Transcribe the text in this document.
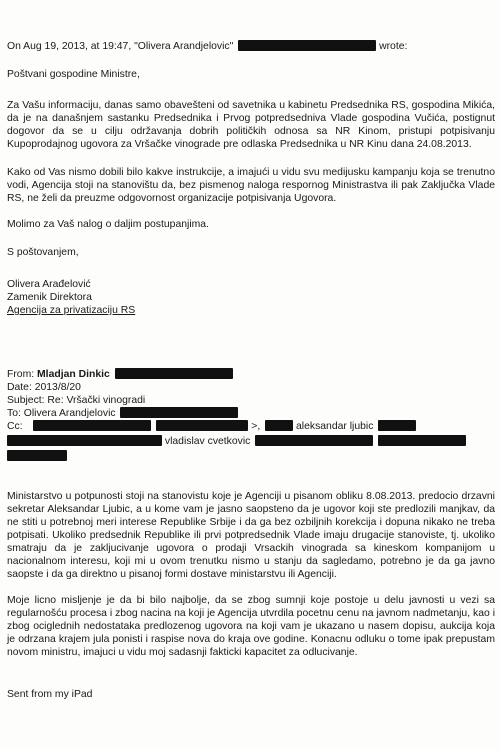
On Aug 19, 2013, at 19:47, "Olivera Arandjelovic"	wrote:

Poštvani gospodine Ministre,

Za Vašu informaciju, danas samo obavešteni od savetnika u kabinetu Predsednika RS, gospodina Mikića, da je na današnjem sastanku Predsednika i Prvog potpredsedniva Vlade gospodina Vučića, postignut dogovor da se u cilju održavanja dobrih političkih odnosa sa NR Kinom, pristupi potpisivanju Kupoprodajnog ugovora za Vršačke vinograde pre odlaska Predsednika u NR Kinu dana 24.08.2013.

Kako od Vas nismo dobili bilo kakve instrukcije, a imajući u vidu svu medijusku kampanju koja se trenutno vodi, Agencija stoji na stanovištu da, bez pismenog naloga respornog Ministrastva ili pak Zaključka Vlade RS, ne želi da preuzme odgovornost organizacije potpisivanja Ugovora.

Molimo za Vaš nalog o daljim postupanjima.

S poštovanjem,

Olivera Arađelović

Zamenik Direktora

Agencija za privatizaciju RS

From: Mladjan Dinkic
Date: 2013/8/20
Subject: Re: Vršački vinogradi
To: Olivera Arandjelovic
Cc:	>,	aleksandar ljubic
vladislav cvetkovic

Ministarstvo u potpunosti stoji na stanovistu koje je Agenciji u pisanom obliku 8.08.2013. predocio drzavni sekretar Aleksandar Ljubic, a u kome vam je jasno saopsteno da je ugovor koji ste predlozili manjkav, da ne stiti u potrebnoj meri interese Republike Srbije i da ga bez ozbiljnih korekcija i dopuna nikako ne treba potpisati. Ukoliko predsednik Republike ili prvi potpredsednik Vlade imaju drugacije stanoviste, tj. ukoliko smatraju da je zakljucivanje ugovora o prodaji Vrsackih vinograda sa kineskom kompanijom u nacionalnom interesu, koji mi u ovom trenutku nismo u stanju da sagledamo, potrebno je da ga javno saopste i da ga direktno u pisanoj formi dostave ministarstvu ili Agenciji.

Moje licno misljenje je da bi bilo najbolje, da se zbog sumnji koje postoje u delu javnosti u vezi sa regularnošću procesa i zbog nacina na koji je Agencija utvrdila pocetnu cenu na javnom nadmetanju, kao i zbog ociglednih nedostataka predlozenog ugovora na koji vam je ukazano u nasem dopisu, aukcija koja je odrzana krajem jula ponisti i raspise nova do kraja ove godine. Konacnu odluku o tome ipak prepustam novom ministru, imajuci u vidu moj sadasnji fakticki kapacitet za odlucivanje.

Sent from my iPad
